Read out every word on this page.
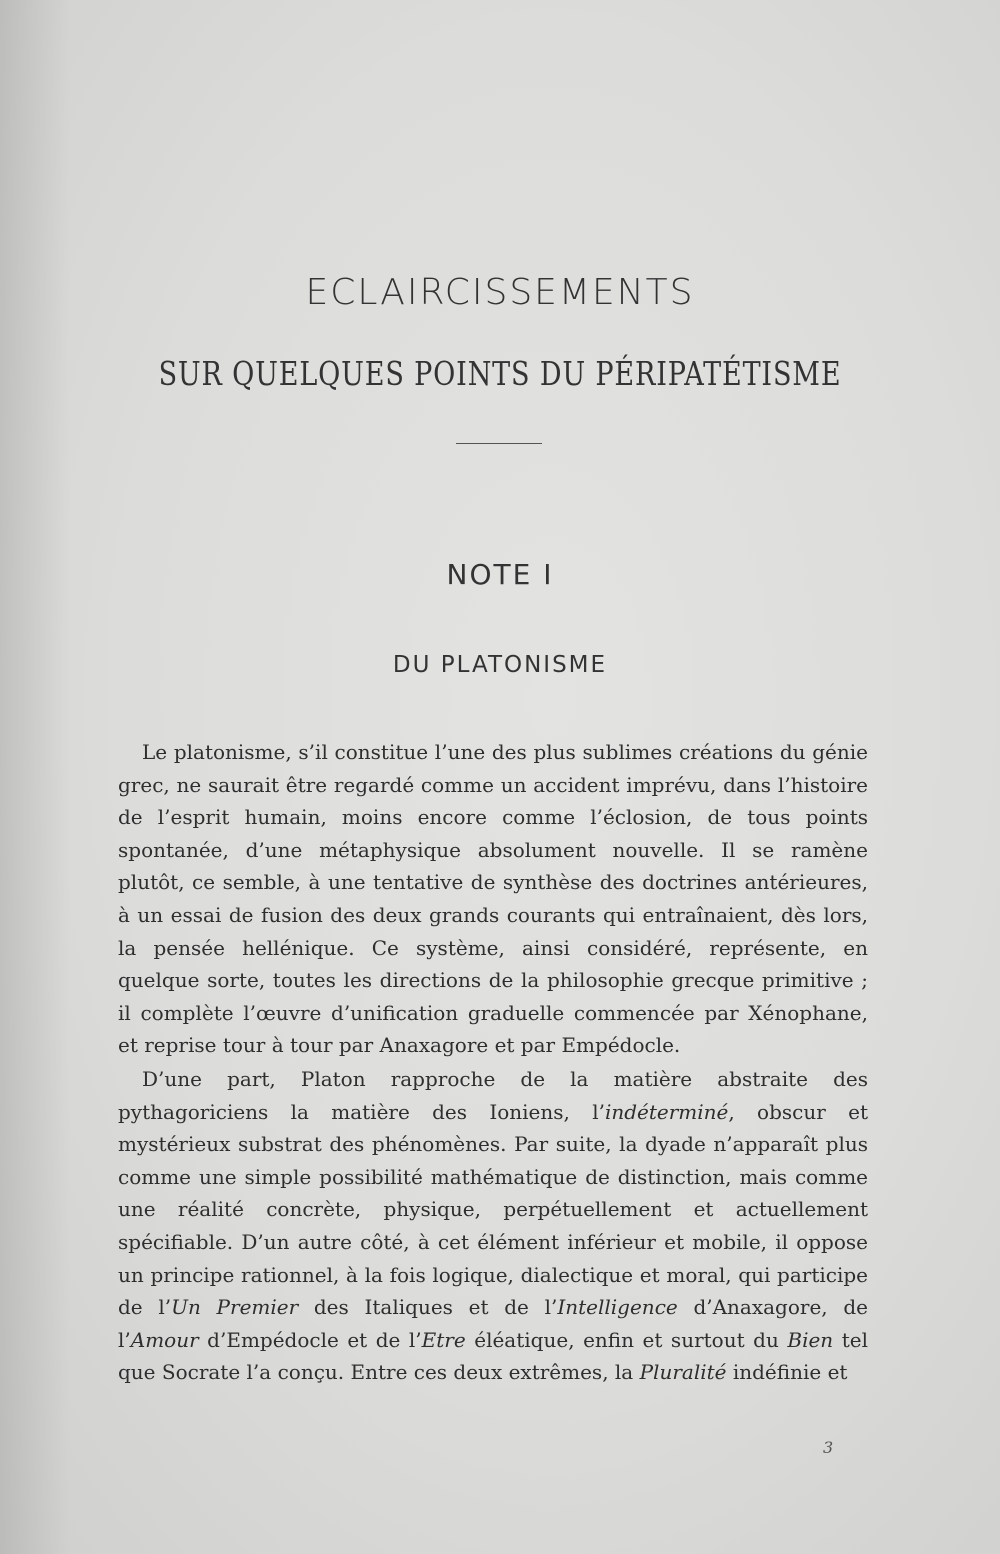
ECLAIRCISSEMENTS
SUR QUELQUES POINTS DU PÉRIPATÉTISME
NOTE I
DU PLATONISME

Le platonisme, s’il constitue l’une des plus sublimes créations du génie grec, ne saurait être regardé comme un accident imprévu, dans l’histoire de l’esprit humain, moins encore comme l’éclosion, de tous points spontanée, d’une métaphysique absolument nouvelle. Il se ramène plutôt, ce semble, à une tentative de synthèse des doctrines antérieures, à un essai de fusion des deux grands courants qui entraînaient, dès lors, la pensée hellénique. Ce système, ainsi considéré, représente, en quelque sorte, toutes les directions de la philosophie grecque primitive ; il complète l’œuvre d’unification graduelle commencée par Xénophane, et reprise tour à tour par Anaxagore et par Empédocle.

D’une part, Platon rapproche de la matière abstraite des pythagoriciens la matière des Ioniens, l’indéterminé, obscur et mystérieux substrat des phénomènes. Par suite, la dyade n’apparaît plus comme une simple possibilité mathématique de distinction, mais comme une réalité concrète, physique, perpétuellement et actuellement spécifiable. D’un autre côté, à cet élément inférieur et mobile, il oppose un principe rationnel, à la fois logique, dialectique et moral, qui participe de l’Un Premier des Italiques et de l’Intelligence d’Anaxagore, de l’Amour d’Empédocle et de l’Etre éléatique, enfin et surtout du Bien tel que Socrate l’a conçu. Entre ces deux extrêmes, la Pluralité indéfinie et

3
